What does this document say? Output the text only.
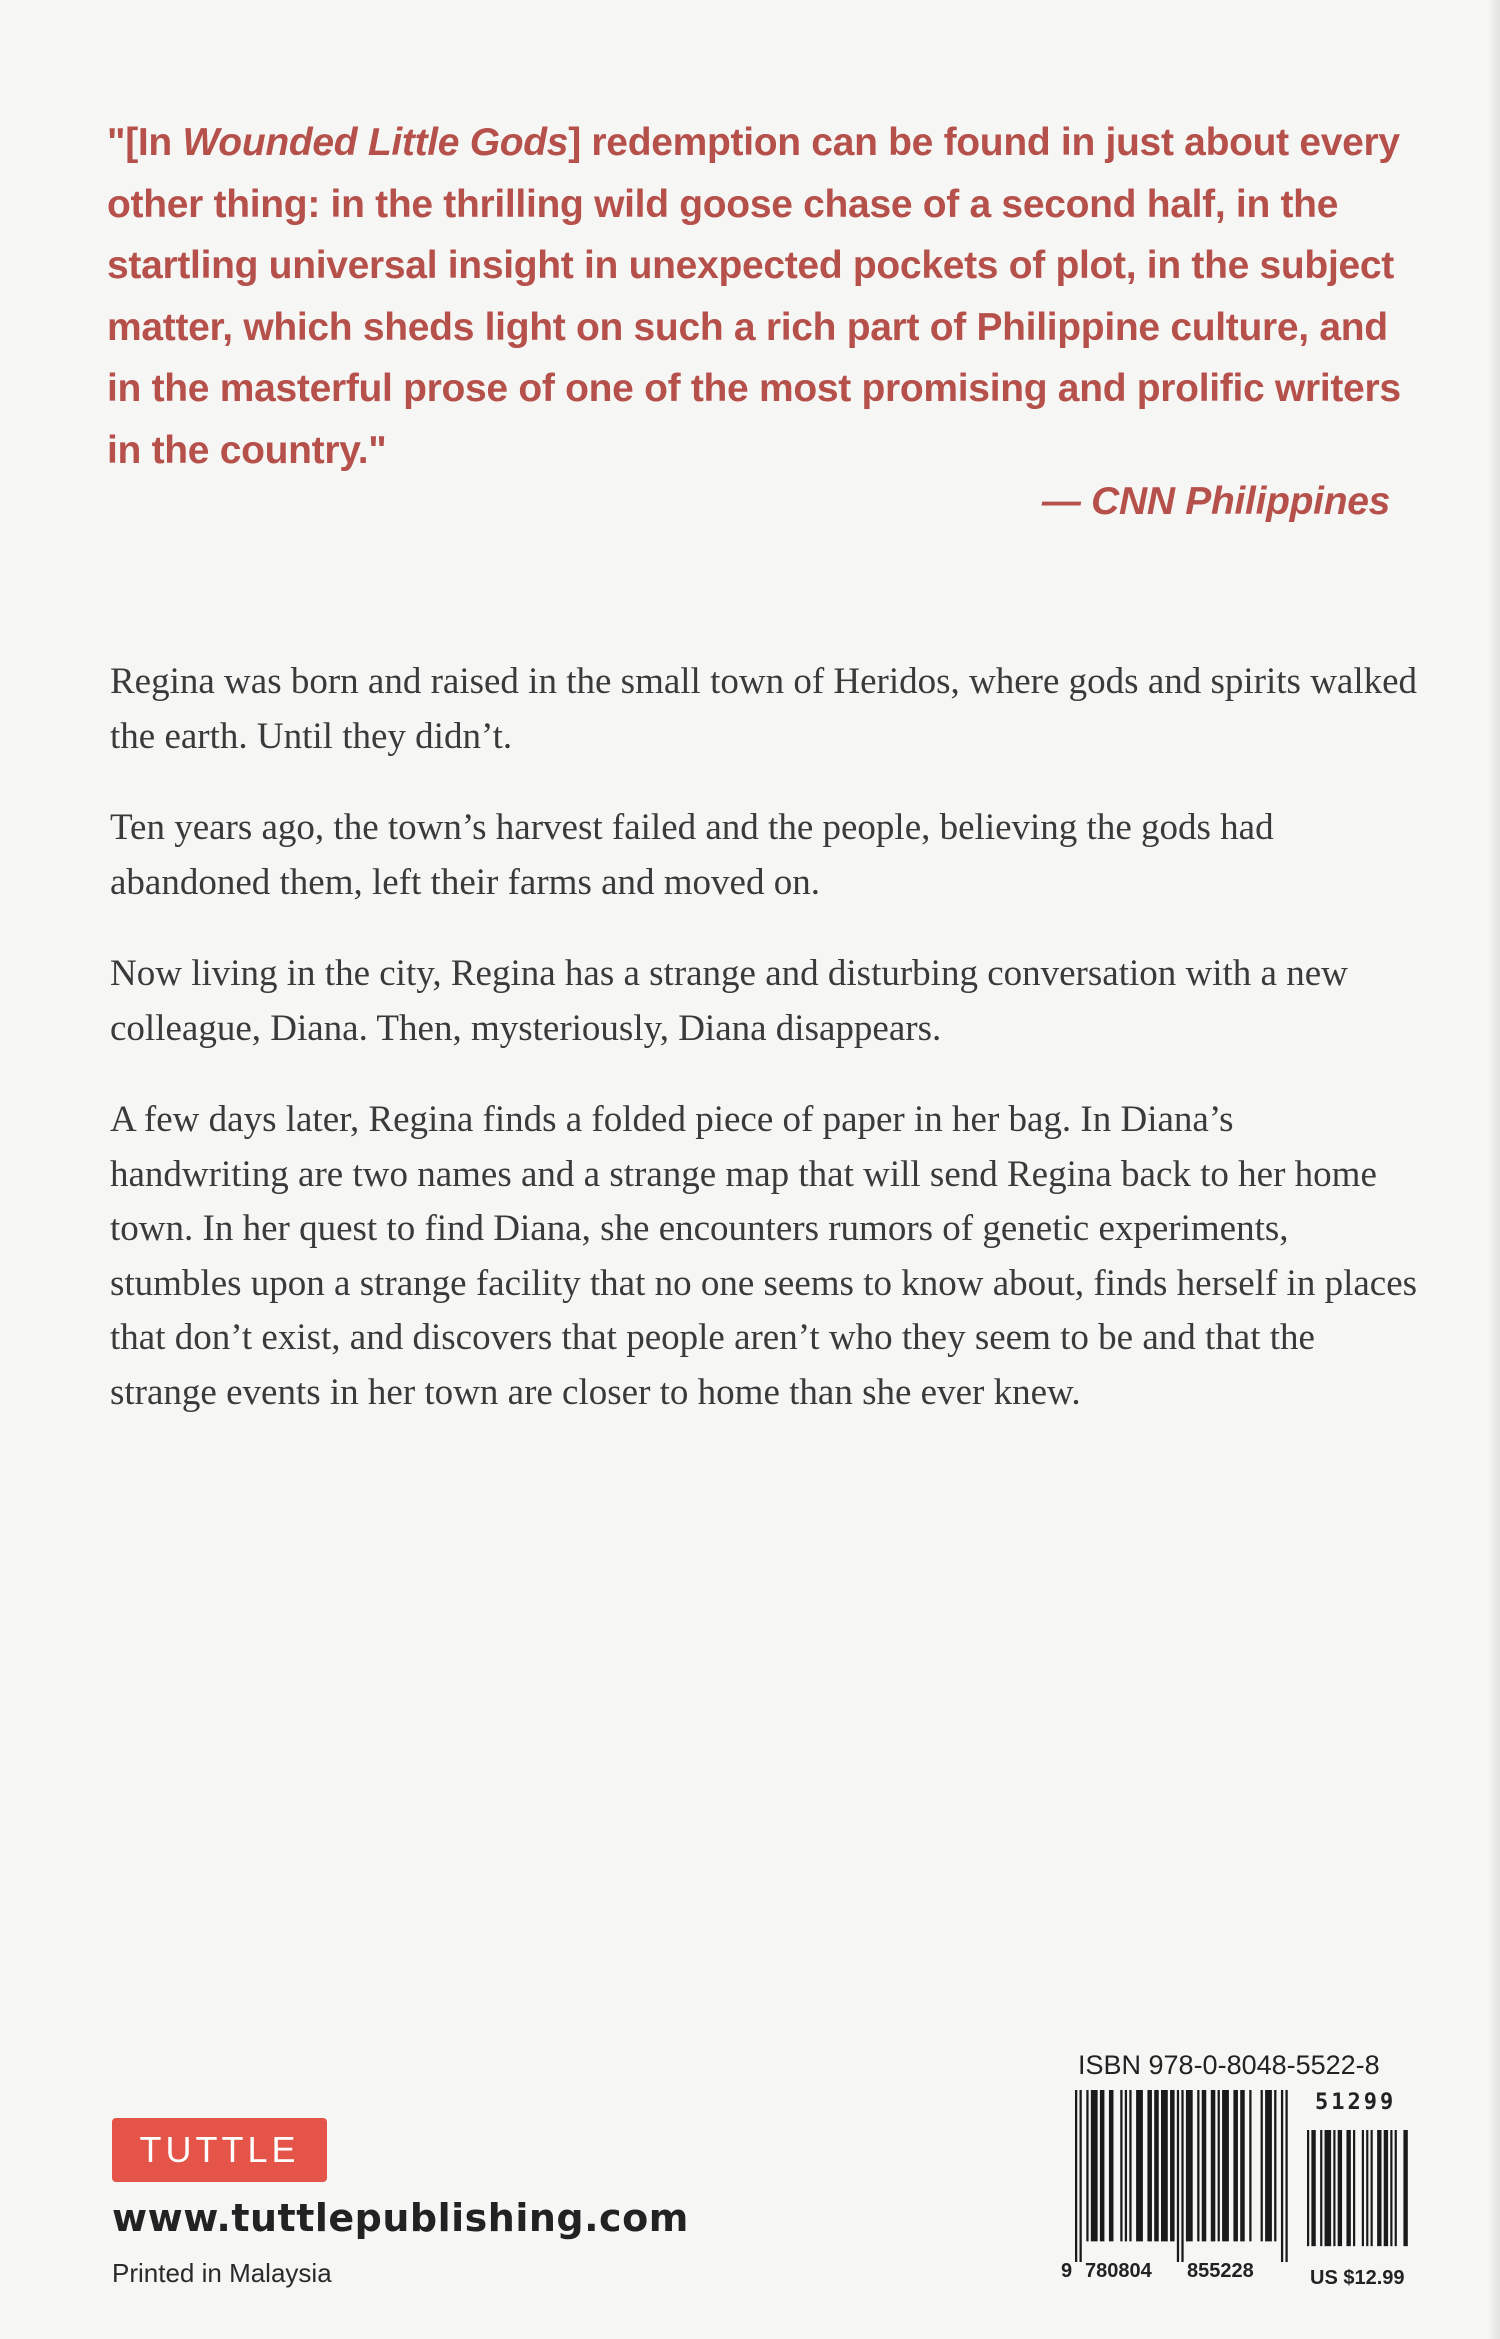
"[In Wounded Little Gods] redemption can be found in just about every other thing: in the thrilling wild goose chase of a second half, in the startling universal insight in unexpected pockets of plot, in the subject matter, which sheds light on such a rich part of Philippine culture, and in the masterful prose of one of the most promising and prolific writers in the country."
— CNN Philippines

Regina was born and raised in the small town of Heridos, where gods and spirits walked the earth. Until they didn’t.

Ten years ago, the town’s harvest failed and the people, believing the gods had abandoned them, left their farms and moved on.

Now living in the city, Regina has a strange and disturbing conversation with a new colleague, Diana. Then, mysteriously, Diana disappears.

A few days later, Regina finds a folded piece of paper in her bag. In Diana’s handwriting are two names and a strange map that will send Regina back to her home town. In her quest to find Diana, she encounters rumors of genetic experiments, stumbles upon a strange facility that no one seems to know about, finds herself in places that don’t exist, and discovers that people aren’t who they seem to be and that the strange events in her town are closer to home than she ever knew.

TUTTLE
www.tuttlepublishing.com
Printed in Malaysia
ISBN 978-0-8048-5522-8
51299
9 780804 855228	US $12.99
